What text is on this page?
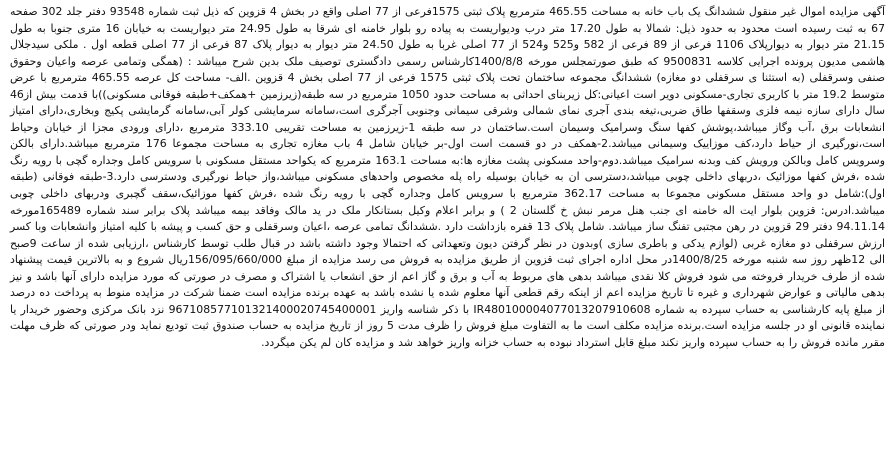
آگهی مزایده اموال غیر منقول ششدانگ یک باب خانه به مساحت 465.55 مترمربع پلاک ثبتی 1575فرعی از 77 اصلی واقع در بخش 4 قزوین که ذیل ثبت شماره 93548 دفتر جلد 302 صفحه 67 به ثبت رسیده است محدود به حدود ذیل: شمالا به طول 17.20 متر درب ودیواریست به پیاده رو بلوار خامنه ای شرقا به طول 24.95 متر دیواریست به خیابان 16 متری جنوبا به طول 21.15 متر دیوار به دیوارپلاک 1106 فرعی از 89 فرعی از 582 و525 و524 از 77 اصلی غربا به طول 24.50 متر دیوار به دیوار پلاک 87 فرعی از 77 اصلی قطعه اول . ملکی سیدجلال هاشمی مدیون پرونده اجرایی کلاسه 9500831 که طبق صورتمجلس مورخه 1400/8/8کارشناس رسمی دادگستری توصیف ملک بدین شرح میباشد : (همگی وتمامی عرصه واعیان وحقوق صنفی وسرقفلی (به استثنا ی سرقفلی دو مغازه) ششدانگ مجموعه ساختمان تحت پلاک ثبتی 1575 فرعی از 77 اصلی بخش 4 قزوین .الف- مساحت کل عرصه 465.55 مترمربع با عرض متوسط 19.2 متر با کاربری تجاری-مسکونی دویر است اعیانی:کل زیربنای احداثی به مساحت حدود 1050 مترمربع در سه طبقه(زیرزمین +همکف+طبقه فوقانی مسکونی))با قدمت بیش از46 سال دارای سازه نیمه فلزی وسقفها طاق ضربی،تیغه بندی آجری نمای شمالی وشرقی سیمانی وجنوبی آجرگری است،سامانه سرمایشی کولر آبی،سامانه گرمایشی پکیج وبخاری،دارای امتیاز انشعابات برق ،آب وگاز میباشد،پوشش کفها سنگ وسرامیک وسیمان است.ساختمان در سه طبقه 1-زیرزمین به مساحت تقریبی 333.10 مترمربع ،دارای ورودی مجزا از خیابان وحیاط است،نورگیری از حیاط دارد،کف موزاییک وسیمانی میباشد.2-همکف در دو قسمت است اول-بر خیابان شامل 4 باب مغازه تجاری به مساحت مجموعا 176 مترمربع میباشد.دارای بالکن وسرویس کامل وبالکن ورویش کف وبدنه سرامیک میباشد.دوم-واحد مسکونی پشت مغازه ها:به مساحت 163.1 مترمربع که یکواحد مستقل مسکونی با سرویس کامل وجداره گچی با رویه رنگ شده ،فرش کفها موزائیک ،دربهای داخلی چوبی میباشد،دسترسی ان به خیابان بوسیله راه پله مخصوص واحدهای مسکونی میباشد،واز حیاط نورگیری ودسترسی دارد.3-طبقه فوقانی (طبقه اول):شامل دو واحد مستقل مسکونی مجموعا به مساحت 362.17 مترمربع با سرویس کامل وجداره گچی با رویه رنگ شده ،فرش کفها موزائیک،سقف گچبری ودربهای داخلی چوبی میباشد.ادرس: قزوین بلوار ایت اله خامنه ای جنب هنل مرمر نبش خ گلستان 2 ) و برابر اعلام وکیل بستانکار ملک در ید مالک وفاقد بیمه میباشد پلاک برابر سند شماره 165489مورخه 94.11.14 دفتر 29 قزوین در رهن مجتبی تفنگ ساز میباشد. شامل پلاک 13 قفره بازداشت دارد .ششدانگ تمامی عرصه ،اعیان وسرقفلی و حق کسب و پیشه با کلیه امتیاز وانشعابات وبا کسر ارزش سرقفلی دو مغازه غربی (لوازم یدکی و باطری سازی )وبدون در نظر گرفتن دیون وتعهداتی که احتمالا وجود داشته باشد در قبال طلب توسط کارشناس ،ارزیابی شده از ساعت 9صبح الی 12ظهر روز سه شنبه مورخه 1400/8/25در محل اداره اجرای ثبت قزوین از طریق مزایده به فروش می رسد مزایده از مبلغ 156/095/660/000ریال شروع و به بالاترین قیمت پیشنهاد شده از طرف خریدار فروخته می شود فروش کلا نقدی میباشد بدهی های مربوط به آب و برق و گاز اعم از حق انشعاب یا اشتراک و مصرف در صورتی که مورد مزایده دارای آنها باشد و نیز بدهی مالیاتی و عوارض شهرداری و غیره تا تاریخ مزایده اعم از اینکه رقم قطعی آنها معلوم شده یا نشده باشد به عهده برنده مزایده است ضمنا شرکت در مزایده منوط به پرداخت ده درصد از مبلغ پایه کارشناسی به حساب سپرده به شماره IR480100004077013207910608 با ذکر شناسه واریز 967108577101321400020745400001 نزد بانک مرکزی وحضور خریدار یا نماینده قانونی او در جلسه مزایده است.برنده مزایده مکلف است ما به التفاوت مبلغ فروش را ظرف مدت 5 روز از تاریخ مزایده به حساب صندوق ثبت تودیع نماید ودر صورتی که ظرف مهلت مقرر مانده فروش را به حساب سپرده واریز نکند مبلغ قابل استرداد نبوده به حساب خزانه واریز خواهد شد و مزایده کان لم یکن میگردد.
